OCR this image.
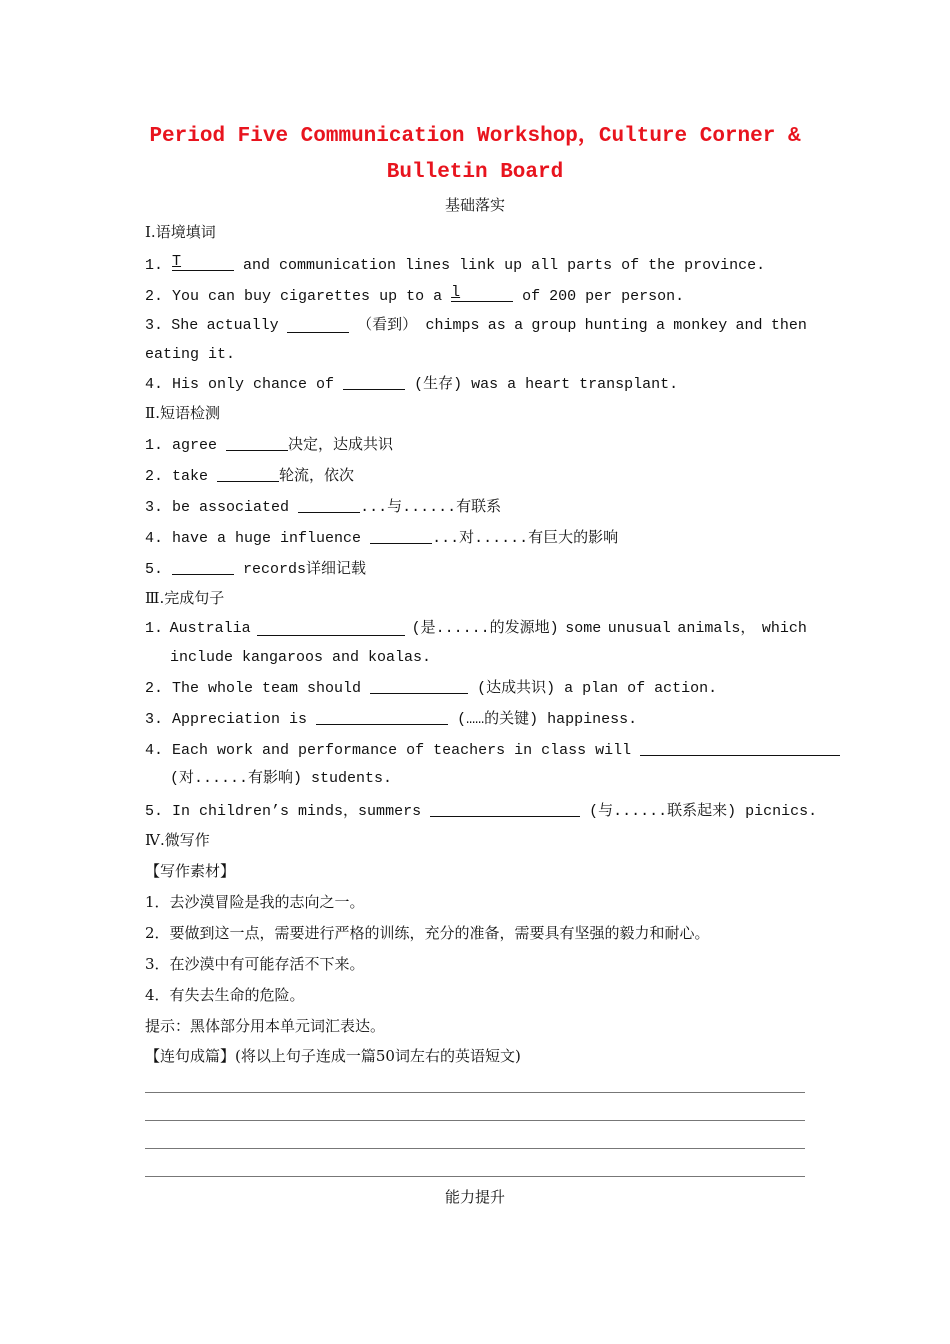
Period Five Communication Workshop，Culture Corner &
Bulletin Board
基础落实
Ⅰ.语境填词
1. T	and communication lines link up all parts of the province.
2. You can buy cigarettes up to a l	of 200 per person.
3. She actually	（看到） chimps as a group hunting a monkey and then
eating it.
4. His only chance of	(生存) was a heart transplant.
Ⅱ.短语检测
1. agree	决定，达成共识
2. take	轮流，依次
3. be associated	...与......有联系
4. have a huge influence	...对......有巨大的影响
5.	records详细记载
Ⅲ.完成句子
1. Australia	(是......的发源地) some unusual animals， which
include kangaroos and koalas.
2. The whole team should	(达成共识) a plan of action.
3. Appreciation is	(……的关键) happiness.
4. Each work and performance of teachers in class will
(对......有影响) students.
5. In children’s minds，summers	(与......联系起来) picnics.
Ⅳ.微写作
【写作素材】
1．去沙漠冒险是我的志向之一。
2．要做到这一点，需要进行严格的训练，充分的准备，需要具有坚强的毅力和耐心。
3．在沙漠中有可能存活不下来。
4．有失去生命的危险。
提示：黑体部分用本单元词汇表达。
【连句成篇】(将以上句子连成一篇50词左右的英语短文)
能力提升
